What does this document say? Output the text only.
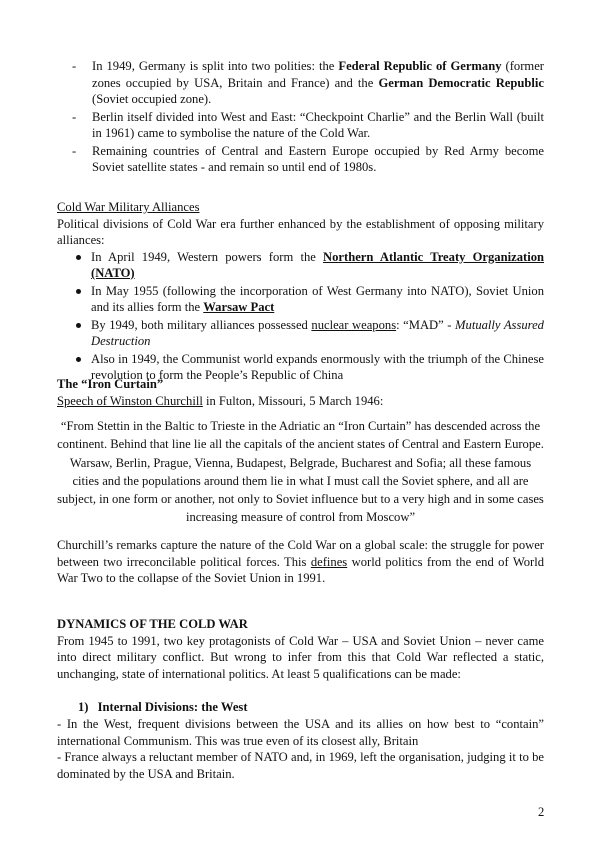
- In 1949, Germany is split into two polities: the Federal Republic of Germany (former zones occupied by USA, Britain and France) and the German Democratic Republic (Soviet occupied zone).
- Berlin itself divided into West and East: “Checkpoint Charlie” and the Berlin Wall (built in 1961) came to symbolise the nature of the Cold War.
- Remaining countries of Central and Eastern Europe occupied by Red Army become Soviet satellite states - and remain so until end of 1980s.
Cold War Military Alliances
Political divisions of Cold War era further enhanced by the establishment of opposing military alliances:
In April 1949, Western powers form the Northern Atlantic Treaty Organization (NATO)
In May 1955 (following the incorporation of West Germany into NATO), Soviet Union and its allies form the Warsaw Pact
By 1949, both military alliances possessed nuclear weapons: “MAD” - Mutually Assured Destruction
Also in 1949, the Communist world expands enormously with the triumph of the Chinese revolution to form the People’s Republic of China
The “Iron Curtain”
Speech of Winston Churchill in Fulton, Missouri, 5 March 1946:
“From Stettin in the Baltic to Trieste in the Adriatic an “Iron Curtain” has descended across the continent. Behind that line lie all the capitals of the ancient states of Central and Eastern Europe. Warsaw, Berlin, Prague, Vienna, Budapest, Belgrade, Bucharest and Sofia; all these famous cities and the populations around them lie in what I must call the Soviet sphere, and all are subject, in one form or another, not only to Soviet influence but to a very high and in some cases increasing measure of control from Moscow”
Churchill’s remarks capture the nature of the Cold War on a global scale: the struggle for power between two irreconcilable political forces. This defines world politics from the end of World War Two to the collapse of the Soviet Union in 1991.
DYNAMICS OF THE COLD WAR
From 1945 to 1991, two key protagonists of Cold War – USA and Soviet Union – never came into direct military conflict. But wrong to infer from this that Cold War reflected a static, unchanging, state of international politics. At least 5 qualifications can be made:
1) Internal Divisions: the West
- In the West, frequent divisions between the USA and its allies on how best to “contain” international Communism. This was true even of its closest ally, Britain
- France always a reluctant member of NATO and, in 1969, left the organisation, judging it to be dominated by the USA and Britain.
2
